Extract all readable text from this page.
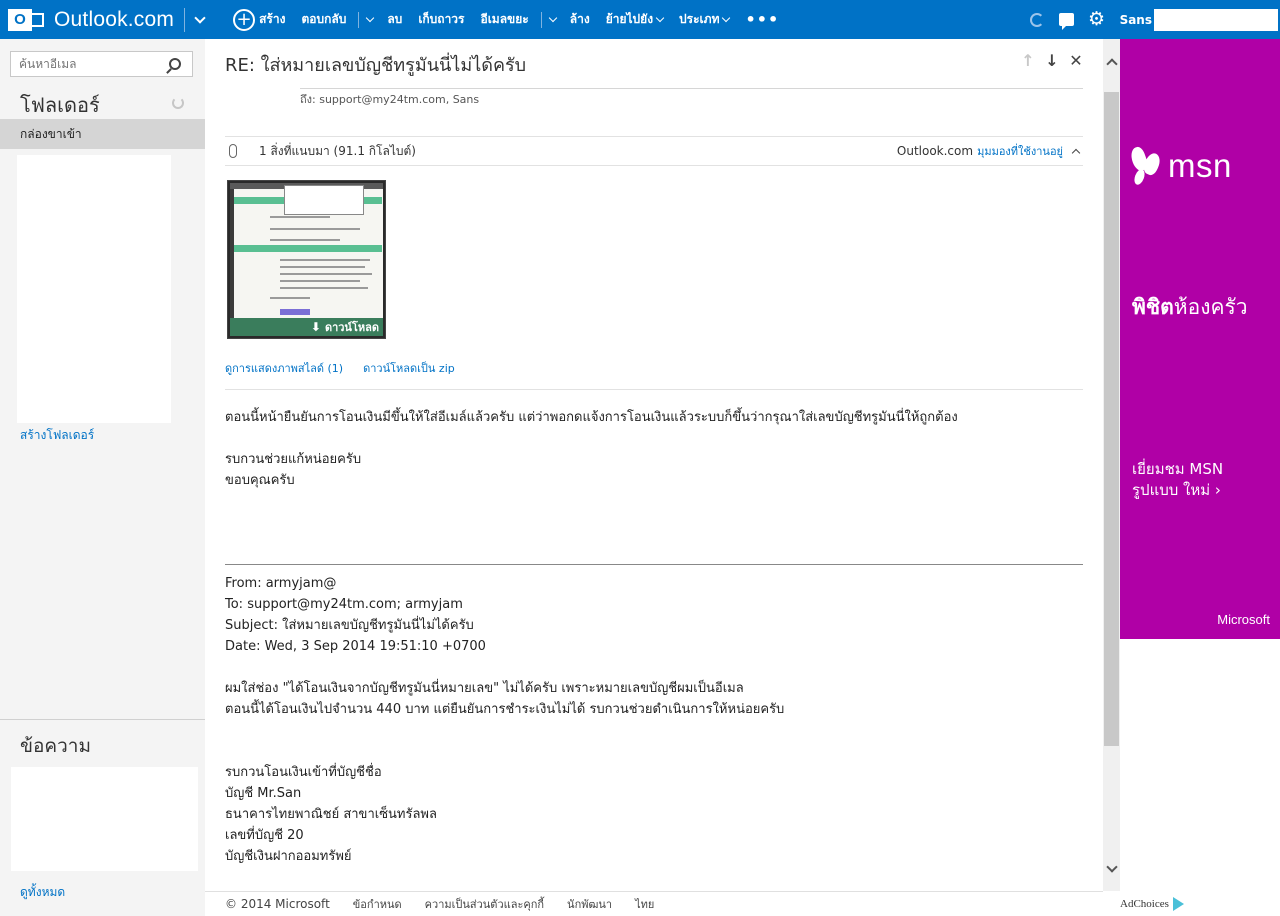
O Outlook.com	+ สร้าง ตอบกลับ	ลบ เก็บถาวร อีเมลขยะ	ล้าง ย้ายไปยัง ประเภท •••	⚙	Sans
ค้นหาอีเมล
โฟลเดอร์
กล่องขาเข้า
สร้างโฟลเดอร์
ข้อความ
ดูทั้งหมด
RE: ใส่หมายเลขบัญชีทรูมันนี่ไม่ได้ครับ	↑ ↓ ✕
ถึง: support@my24tm.com, Sans
1 สิ่งที่แนบมา (91.1 กิโลไบต์)	Outlook.com มุมมองที่ใช้งานอยู่
⬇ ดาวน์โหลด
ดูการแสดงภาพสไลด์ (1) ดาวน์โหลดเป็น zip

ตอนนี้หน้ายืนยันการโอนเงินมีขึ้นให้ใส่อีเมล์แล้วครับ แต่ว่าพอกดแจ้งการโอนเงินแล้วระบบก็ขึ้นว่ากรุณาใส่เลขบัญชีทรูมันนี่ให้ถูกต้อง

รบกวนช่วยแก้หน่อยครับ

ขอบคุณครับ

From: armyjam@

To: support@my24tm.com; armyjam

Subject: ใส่หมายเลขบัญชีทรูมันนี่ไม่ได้ครับ

Date: Wed, 3 Sep 2014 19:51:10 +0700

ผมใส่ช่อง "ได้โอนเงินจากบัญชีทรูมันนี่หมายเลข" ไม่ได้ครับ เพราะหมายเลขบัญชีผมเป็นอีเมล

ตอนนี้ได้โอนเงินไปจำนวน 440 บาท แต่ยืนยันการชำระเงินไม่ได้ รบกวนช่วยดำเนินการให้หน่อยครับ

รบกวนโอนเงินเข้าที่บัญชีชื่อ

บัญชี Mr.San

ธนาคารไทยพาณิชย์ สาขาเซ็นทรัลพล

เลขที่บัญชี 20

บัญชีเงินฝากออมทรัพย์

msn
พิชิตห้องครัว
เยี่ยมชม MSN
รูปแบบ ใหม่ ›
Microsoft
© 2014 Microsoft ข้อกำหนด ความเป็นส่วนตัวและคุกกี้ นักพัฒนา ไทย	AdChoices
